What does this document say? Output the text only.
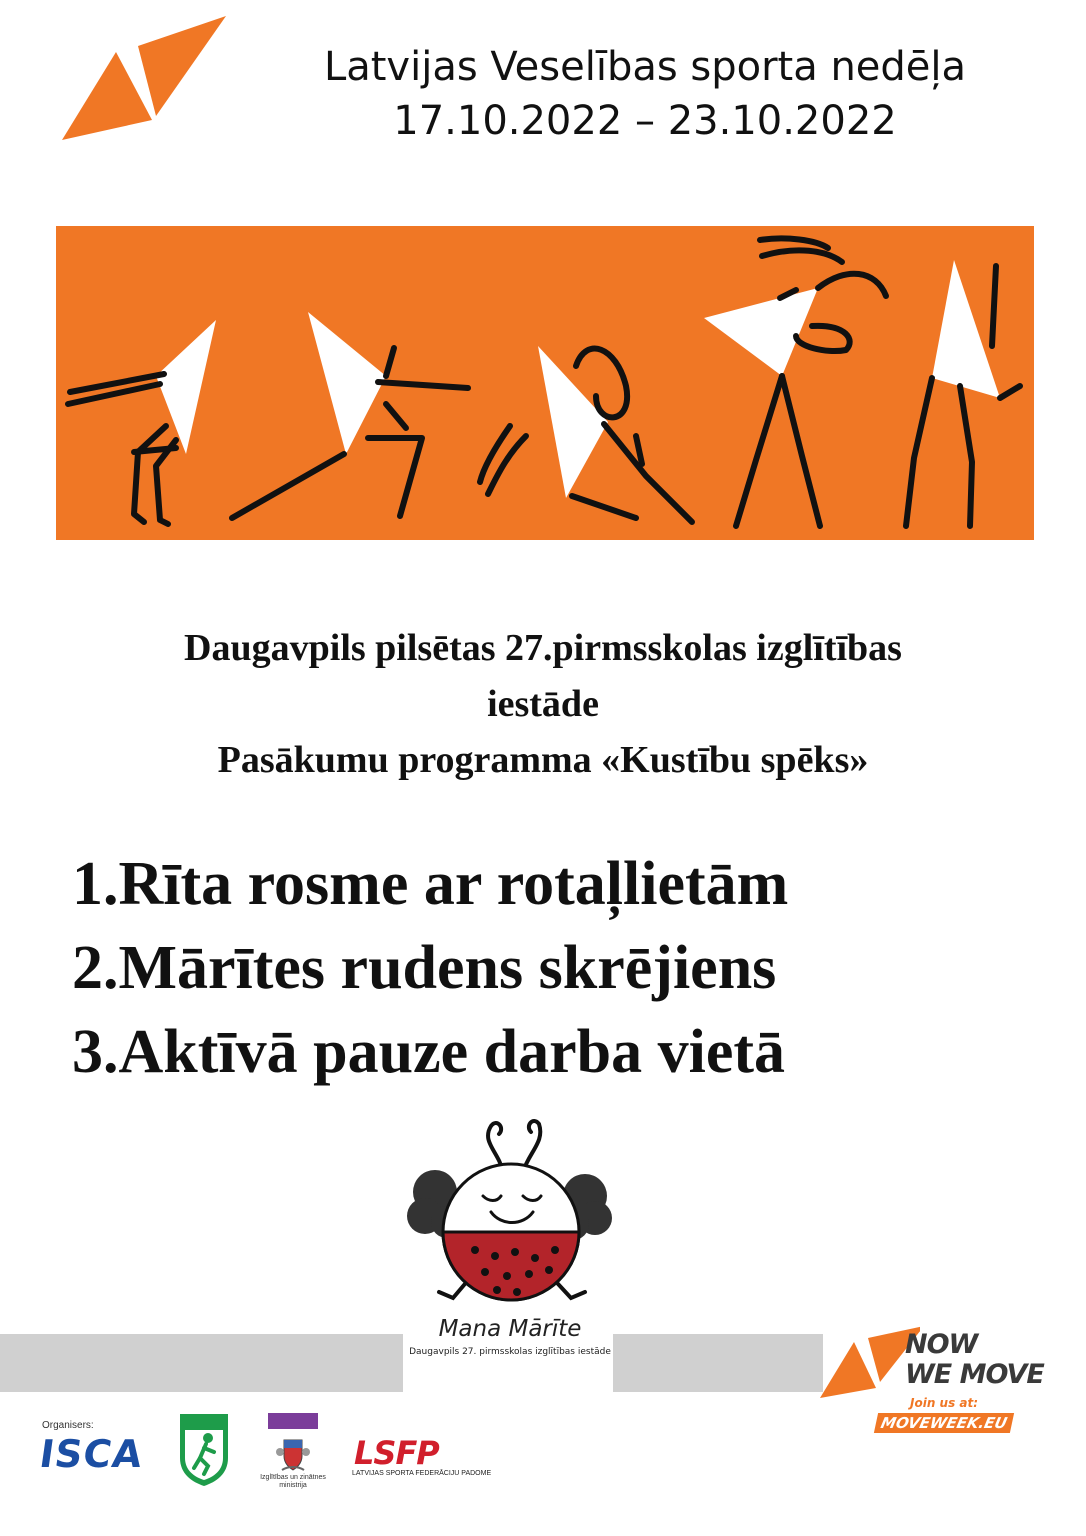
Latvijas Veselības sporta nedēļa
17.10.2022 – 23.10.2022
Daugavpils pilsētas 27.pirmsskolas izglītības
iestāde
Pasākumu programma «Kustību spēks»
1.Rīta rosme ar rotaļlietām
2.Mārītes rudens skrējiens
3.Aktīvā pauze darba vietā
Mana Mārīte
Daugavpils 27. pirmsskolas izglītības iestāde	NOW
WE MOVE
Join us at:
MOVEWEEK.EU
Organisers:
ISCA
Izglītības un zinātnes ministrija
LSFP
LATVIJAS SPORTA FEDERĀCIJU PADOME
